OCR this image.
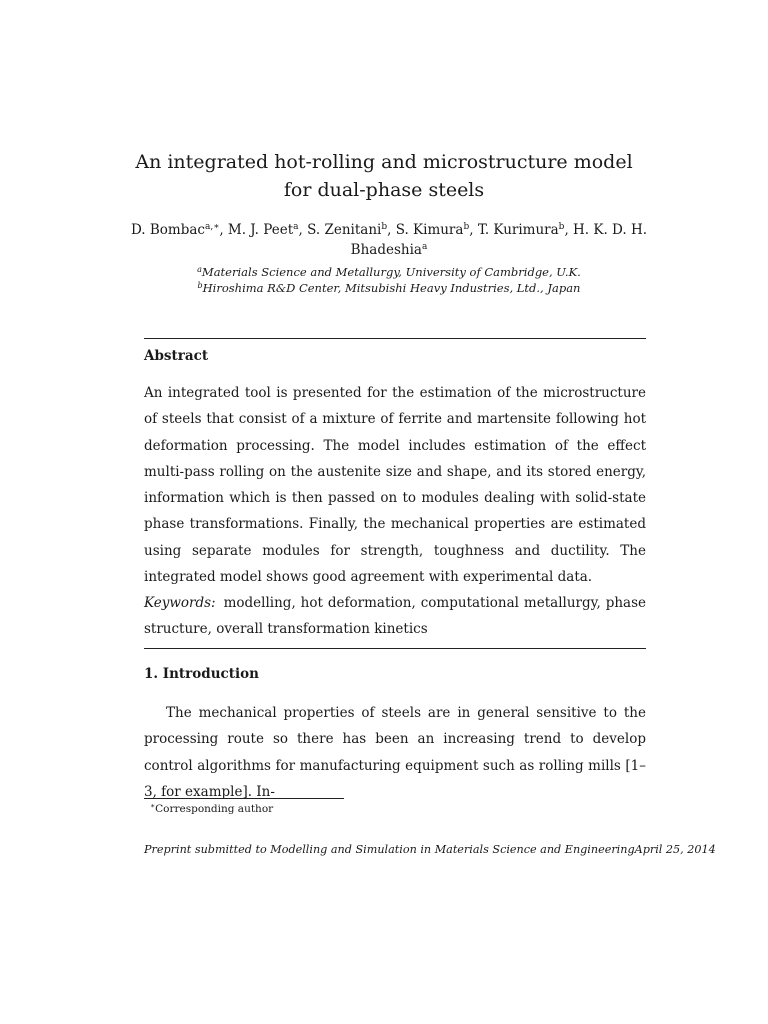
An integrated hot-rolling and microstructure model for dual-phase steels
D. Bombac$^{a,∗}$, M. J. Peet$^a$, S. Zenitani$^b$, S. Kimura$^b$, T. Kurimura$^b$, H. K. D. H. Bhadeshia$^a$
$^a$Materials Science and Metallurgy, University of Cambridge, U.K.
$^b$Hiroshima R&D Center, Mitsubishi Heavy Industries, Ltd., Japan
Abstract
An integrated tool is presented for the estimation of the microstructure of steels that consist of a mixture of ferrite and martensite following hot deformation processing. The model includes estimation of the effect multi-pass rolling on the austenite size and shape, and its stored energy, information which is then passed on to modules dealing with solid-state phase transformations. Finally, the mechanical properties are estimated using separate modules for strength, toughness and ductility. The integrated model shows good agreement with experimental data.
Keywords: modelling, hot deformation, computational metallurgy, phase structure, overall transformation kinetics
1. Introduction
The mechanical properties of steels are in general sensitive to the processing route so there has been an increasing trend to develop control algorithms for manufacturing equipment such as rolling mills [1–3, for example]. In-
∗Corresponding author
Preprint submitted to Modelling and Simulation in Materials Science and EngineeringApril 25, 2014
